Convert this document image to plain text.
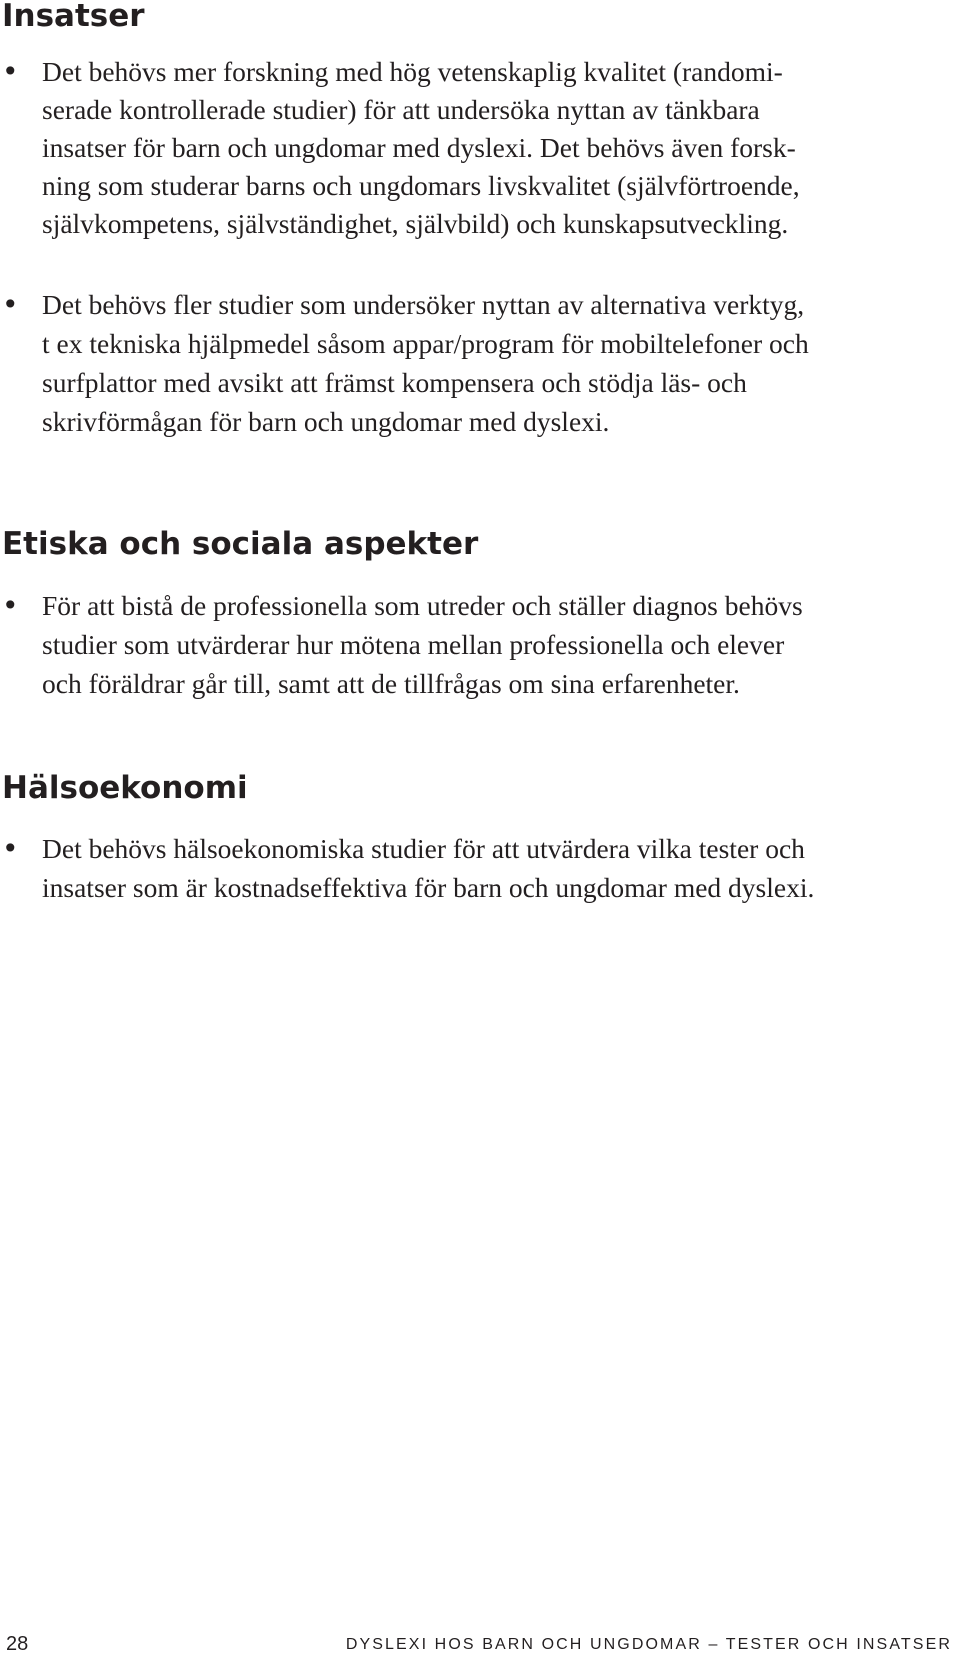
Insatser
• Det behövs mer forskning med hög vetenskaplig kvalitet (randomi-

serade kontrollerade studier) för att undersöka nyttan av tänkbara

insatser för barn och ungdomar med dyslexi. Det behövs även forsk-

ning som studerar barns och ungdomars livskvalitet (självförtroende,

självkompetens, självständighet, självbild) och kunskapsutveckling.

• Det behövs fler studier som undersöker nyttan av alternativa verktyg,

t ex tekniska hjälpmedel såsom appar/program för mobiltelefoner och

surfplattor med avsikt att främst kompensera och stödja läs- och

skrivförmågan för barn och ungdomar med dyslexi.

Etiska och sociala aspekter
• För att bistå de professionella som utreder och ställer diagnos behövs

studier som utvärderar hur mötena mellan professionella och elever

och föräldrar går till, samt att de tillfrågas om sina erfarenheter.

Hälsoekonomi
• Det behövs hälsoekonomiska studier för att utvärdera vilka tester och

insatser som är kostnadseffektiva för barn och ungdomar med dyslexi.

28	DYSLEXI HOS BARN OCH UNGDOMAR – TESTER OCH INSATSER
